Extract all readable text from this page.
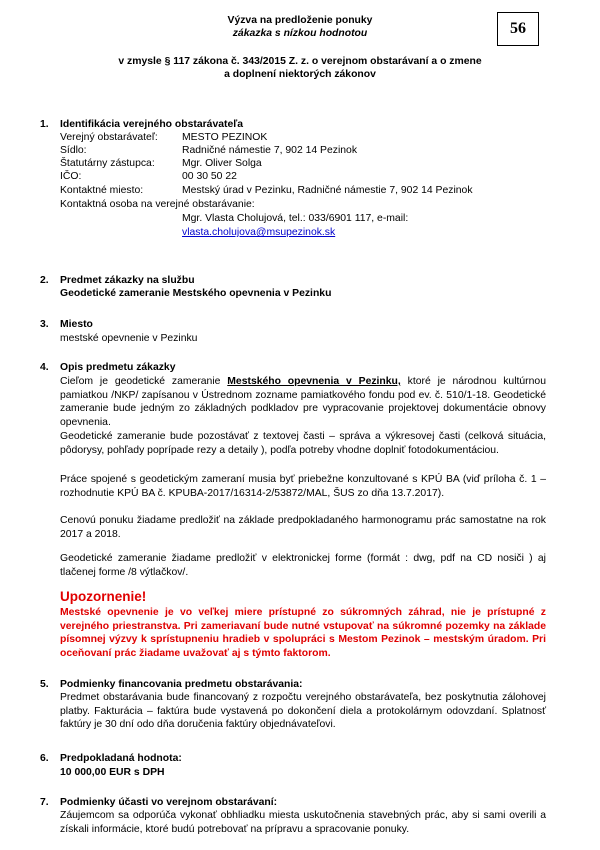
Výzva na predloženie ponuky
zákazka s nízkou hodnotou	56
v zmysle § 117 zákona č. 343/2015 Z. z. o verejnom obstarávaní a o zmene
a doplnení niektorých zákonov
1. Identifikácia verejného obstarávateľa
Verejný obstarávateľ: MESTO PEZINOK
Sídlo:	Radničné námestie 7, 902 14 Pezinok
Štatutárny zástupca:	Mgr. Oliver Solga
IČO:	00 30 50 22
Kontaktné miesto:	Mestský úrad v Pezinku, Radničné námestie 7, 902 14 Pezinok
Kontaktná osoba na verejné obstarávanie:
Mgr. Vlasta Cholujová, tel.: 033/6901 117, e-mail:
vlasta.cholujova@msupezinok.sk
2. Predmet zákazky na službu
Geodetické zameranie Mestského opevnenia v Pezinku
3. Miesto
mestské opevnenie v Pezinku
4. Opis predmetu zákazky
Cieľom je geodetické zameranie Mestského opevnenia v Pezinku, ktoré je národnou kultúrnou pamiatkou /NKP/ zapísanou v Ústrednom zozname pamiatkového fondu pod ev. č. 510/1-18. Geodetické zameranie bude jedným zo základných podkladov pre vypracovanie projektovej dokumentácie obnovy opevnenia.
Geodetické zameranie bude pozostávať z textovej časti – správa a výkresovej časti (celková situácia, pôdorysy, pohľady poprípade rezy a detaily ), podľa potreby vhodne doplniť fotodokumentáciou.
Práce spojené s geodetickým zameraní musia byť priebežne konzultované s KPÚ BA (viď príloha č. 1 – rozhodnutie KPÚ BA č. KPUBA-2017/16314-2/53872/MAL, ŠUS zo dňa 13.7.2017).
Cenovú ponuku žiadame predložiť na základe predpokladaného harmonogramu prác samostatne na rok 2017 a 2018.
Geodetické zameranie žiadame predložiť v elektronickej forme (formát : dwg, pdf na CD nosiči ) aj tlačenej forme /8 výtlačkov/.
Upozornenie!
Mestské opevnenie je vo veľkej miere prístupné zo súkromných záhrad, nie je prístupné z verejného priestranstva. Pri zameriavaní bude nutné vstupovať na súkromné pozemky na základe písomnej výzvy k sprístupneniu hradieb v spolupráci s Mestom Pezinok – mestským úradom. Pri oceňovaní prác žiadame uvažovať aj s týmto faktorom.
5. Podmienky financovania predmetu obstarávania:
Predmet obstarávania bude financovaný z rozpočtu verejného obstarávateľa, bez poskytnutia zálohovej platby. Fakturácia – faktúra bude vystavená po dokončení diela a protokolárnym odovzdaní. Splatnosť faktúry je 30 dní odo dňa doručenia faktúry objednávateľovi.
6. Predpokladaná hodnota:
10 000,00 EUR s DPH
7. Podmienky účasti vo verejnom obstarávaní:
Záujemcom sa odporúča vykonať obhliadku miesta uskutočnenia stavebných prác, aby si sami overili a získali informácie, ktoré budú potrebovať na prípravu a spracovanie ponuky.
